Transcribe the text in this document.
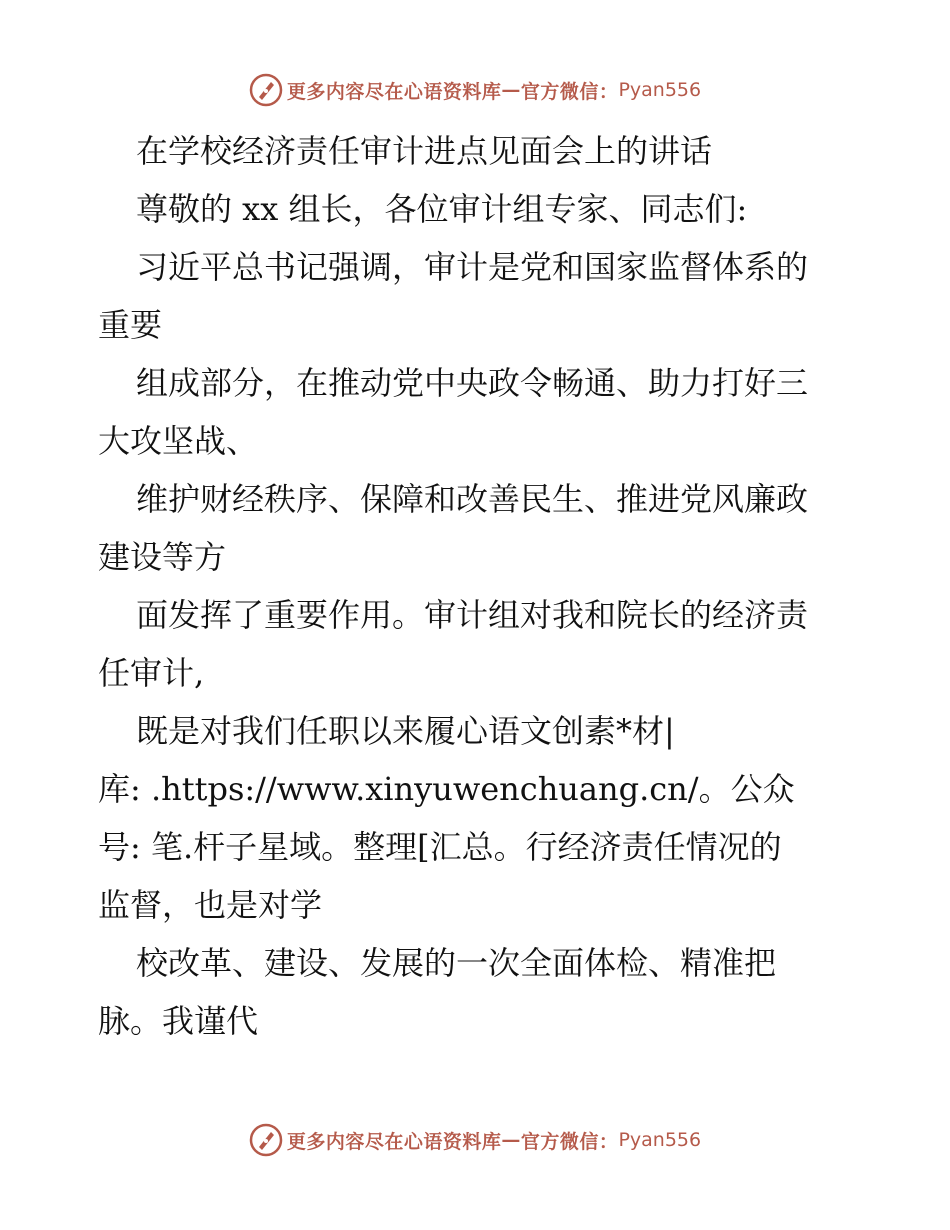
更多内容尽在心语资料库 — 官方微信： Pyan556
在学校经济责任审计进点见面会上的讲话
尊敬的 xx 组长，各位审计组专家、同志们:
习近平总书记强调，审计是党和国家监督体系的
重要
组成部分，在推动党中央政令畅通、助力打好三
大攻坚战、
维护财经秩序、保障和改善民生、推进党风廉政
建设等方
面发挥了重要作用。审计组对我和院长的经济责
任审计,
既是对我们任职以来履心语文创素*材|
库: .https://www.xinyuwenchuang.cn/。公众
号: 笔.杆子星域。整理[汇总。行经济责任情况的
监督，也是对学
校改革、建设、发展的一次全面体检、精准把
脉。我谨代
更多内容尽在心语资料库 — 官方微信： Pyan556
